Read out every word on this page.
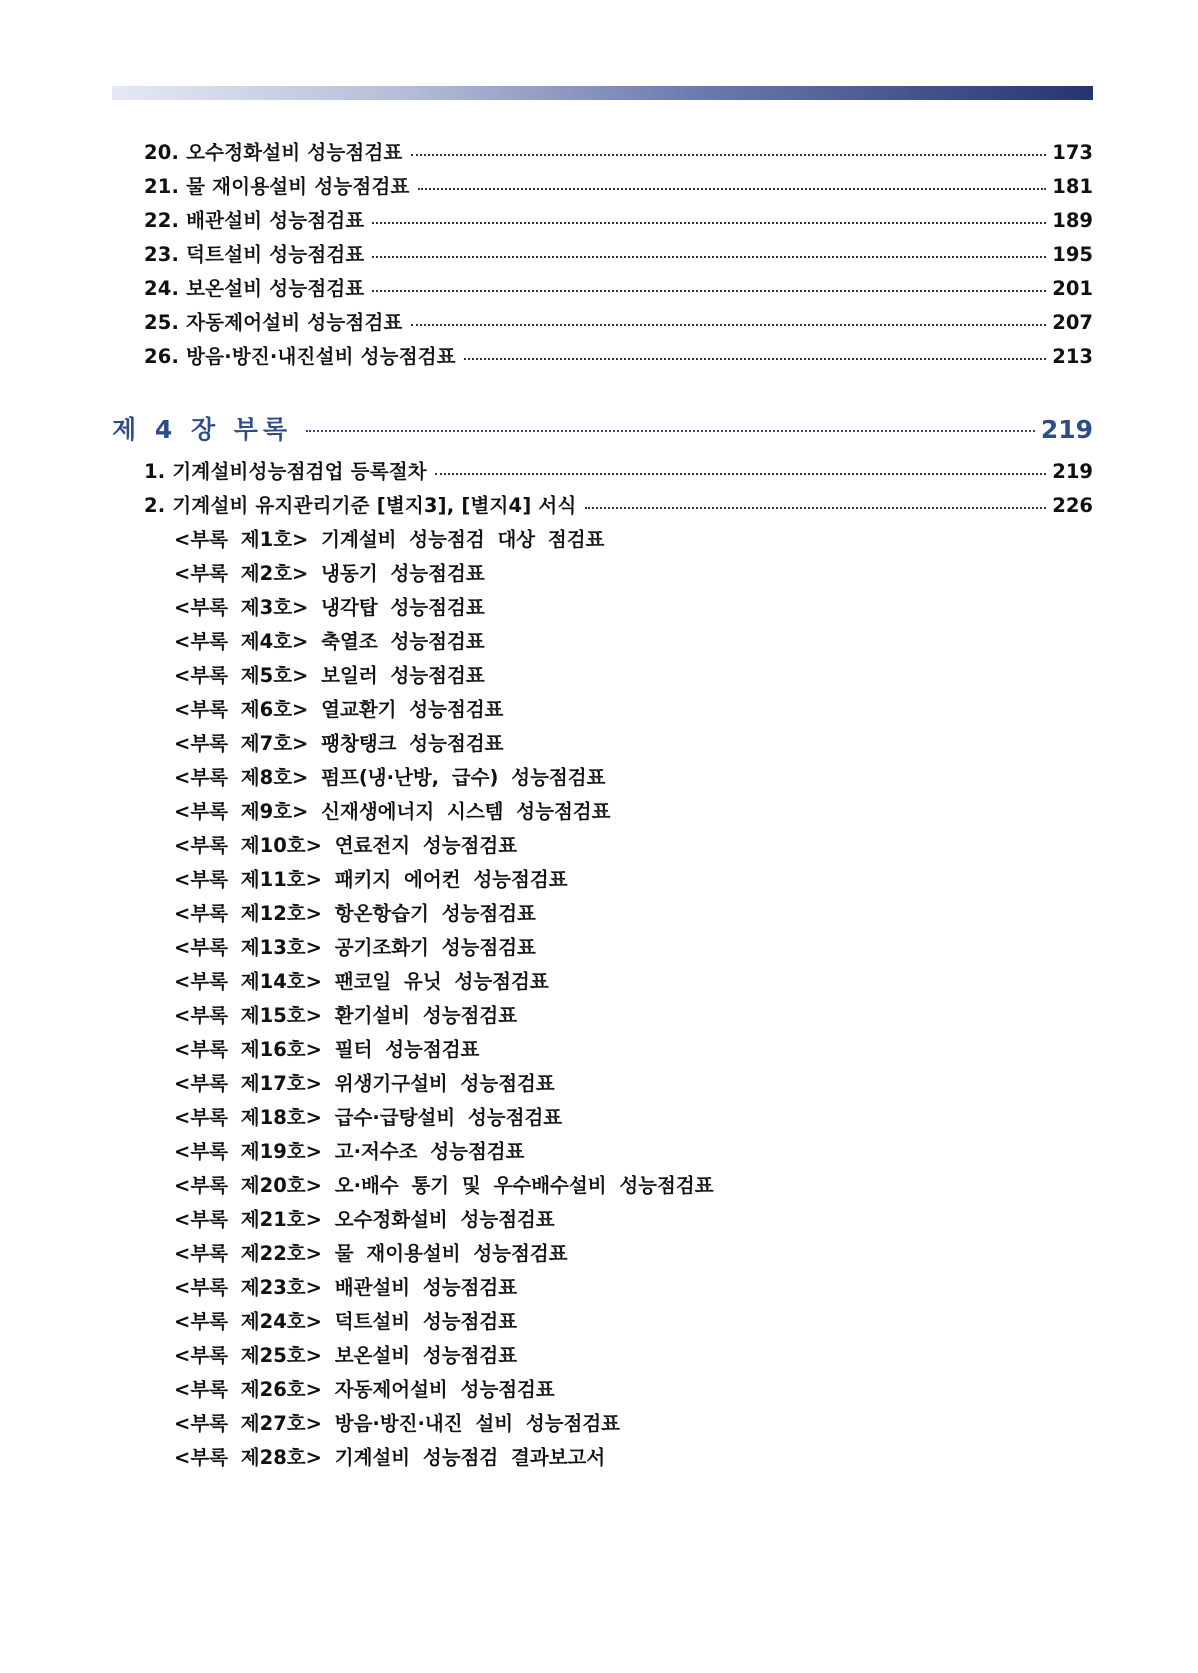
20. 오수정화설비 성능점검표	173
21. 물 재이용설비 성능점검표	181
22. 배관설비 성능점검표	189
23. 덕트설비 성능점검표	195
24. 보온설비 성능점검표	201
25. 자동제어설비 성능점검표	207
26. 방음·방진·내진설비 성능점검표	213
제 4 장 부록	219
1. 기계설비성능점검업 등록절차	219
2. 기계설비 유지관리기준 [별지3], [별지4] 서식	226
<부록 제1호> 기계설비 성능점검 대상 점검표
<부록 제2호> 냉동기 성능점검표
<부록 제3호> 냉각탑 성능점검표
<부록 제4호> 축열조 성능점검표
<부록 제5호> 보일러 성능점검표
<부록 제6호> 열교환기 성능점검표
<부록 제7호> 팽창탱크 성능점검표
<부록 제8호> 펌프(냉·난방, 급수) 성능점검표
<부록 제9호> 신재생에너지 시스템 성능점검표
<부록 제10호> 연료전지 성능점검표
<부록 제11호> 패키지 에어컨 성능점검표
<부록 제12호> 항온항습기 성능점검표
<부록 제13호> 공기조화기 성능점검표
<부록 제14호> 팬코일 유닛 성능점검표
<부록 제15호> 환기설비 성능점검표
<부록 제16호> 필터 성능점검표
<부록 제17호> 위생기구설비 성능점검표
<부록 제18호> 급수·급탕설비 성능점검표
<부록 제19호> 고·저수조 성능점검표
<부록 제20호> 오·배수 통기 및 우수배수설비 성능점검표
<부록 제21호> 오수정화설비 성능점검표
<부록 제22호> 물 재이용설비 성능점검표
<부록 제23호> 배관설비 성능점검표
<부록 제24호> 덕트설비 성능점검표
<부록 제25호> 보온설비 성능점검표
<부록 제26호> 자동제어설비 성능점검표
<부록 제27호> 방음·방진·내진 설비 성능점검표
<부록 제28호> 기계설비 성능점검 결과보고서
